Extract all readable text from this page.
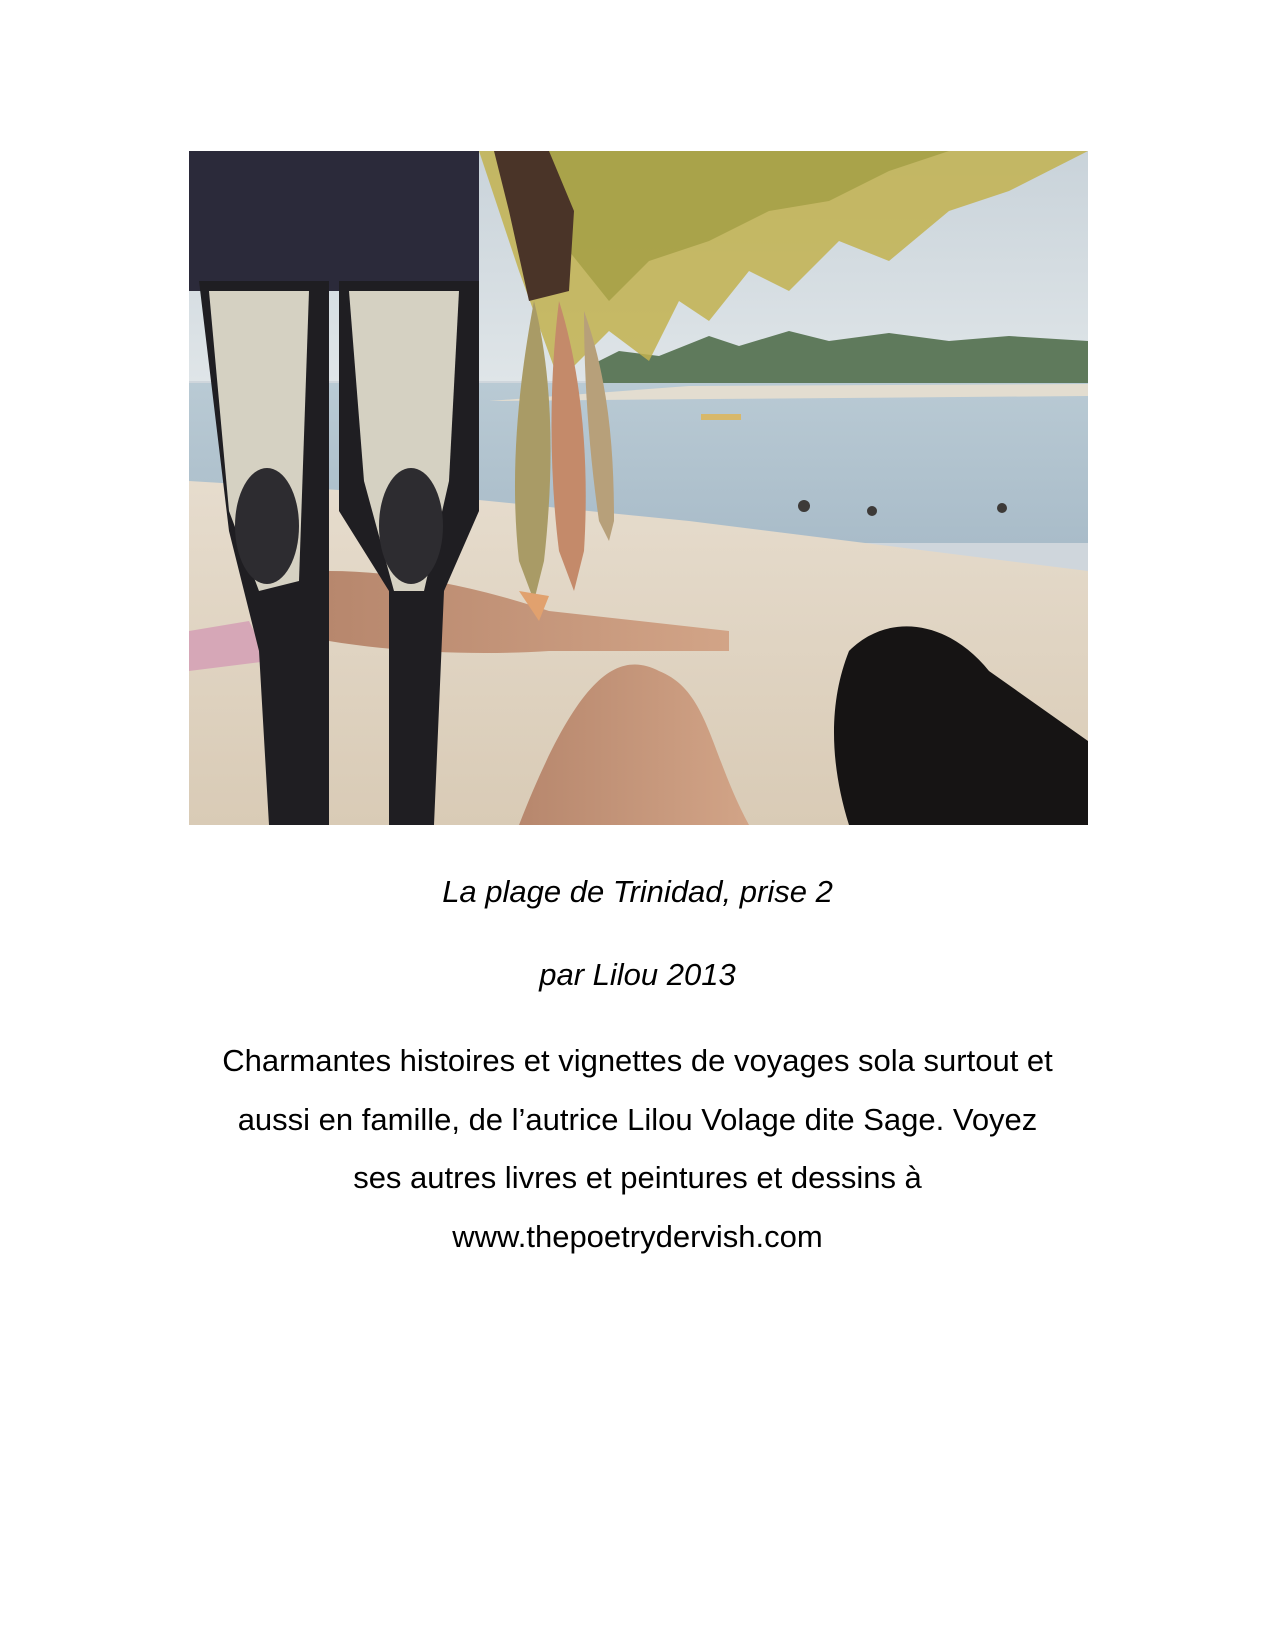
La plage de Trinidad, prise 2
par Lilou 2013
Charmantes histoires et vignettes de voyages sola surtout et
aussi en famille, de l’autrice Lilou Volage dite Sage. Voyez
ses autres livres et peintures et dessins à
www.thepoetrydervish.com
